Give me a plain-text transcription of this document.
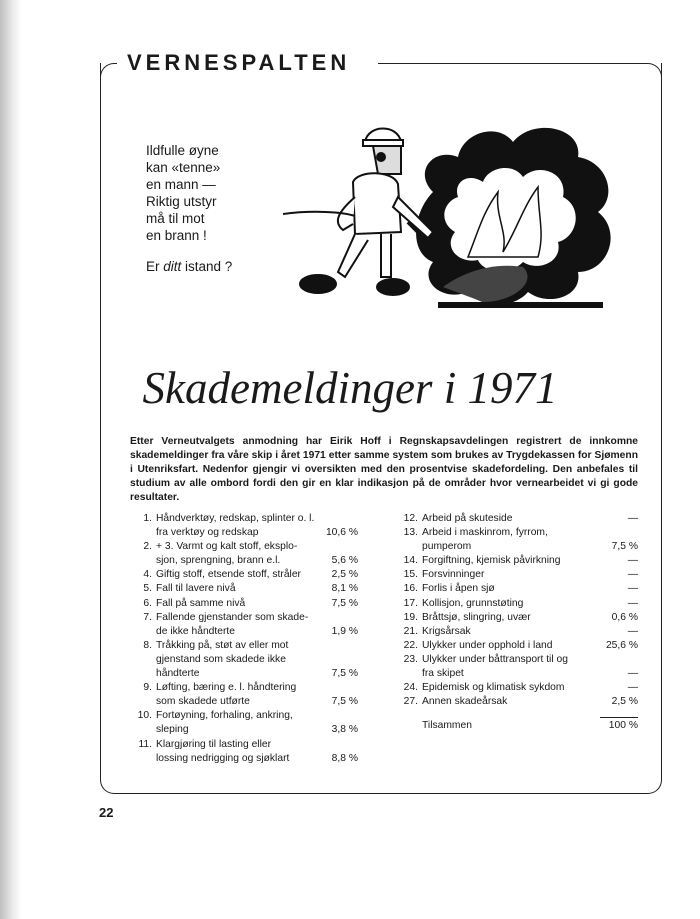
VERNESPALTEN
Ildfulle øyne
kan «tenne»
en mann —
Riktig utstyr
må til mot
en brann !
Er ditt istand ?
Skademeldinger i 1971
Etter Verneutvalgets anmodning har Eirik Hoff i Regnskapsavdelingen registrert de innkomne skademeldinger fra våre skip i året 1971 etter samme system som brukes av Trygdekassen for Sjømenn i Utenriksfart. Nedenfor gjengir vi oversikten med den prosentvise skadefordeling. Den anbefales til studium av alle ombord fordi den gir en klar indikasjon på de områder hvor vernearbeidet vi gi gode resultater.
1. Håndverktøy, redskap, splinter o. l.
fra verktøy og redskap	10,6 %
2. + 3. Varmt og kalt stoff, eksplo-
sjon, sprengning, brann e.l.	5,6 %
4. Giftig stoff, etsende stoff, stråler	2,5 %
5. Fall til lavere nivå	8,1 %
6. Fall på samme nivå	7,5 %
7. Fallende gjenstander som skade-
de ikke håndterte	1,9 %
8. Tråkking på, støt av eller mot
gjenstand som skadede ikke
håndterte	7,5 %
9. Løfting, bæring e. l. håndtering
som skadede utførte	7,5 %
10. Fortøyning, forhaling, ankring,
sleping	3,8 %
11. Klargjøring til lasting eller
lossing nedrigging og sjøklart	8,8 %
12. Arbeid på skuteside	—
13. Arbeid i maskinrom, fyrrom,
pumperom	7,5 %
14. Forgiftning, kjemisk påvirkning	—
15. Forsvinninger	—
16. Forlis i åpen sjø	—
17. Kollisjon, grunnstøting	—
19. Bråttsjø, slingring, uvær	0,6 %
21. Krigsårsak	—
22. Ulykker under opphold i land	25,6 %
23. Ulykker under båttransport til og
fra skipet	—
24. Epidemisk og klimatisk sykdom	—
27. Annen skadeårsak	2,5 %
Tilsammen	100 %
22
